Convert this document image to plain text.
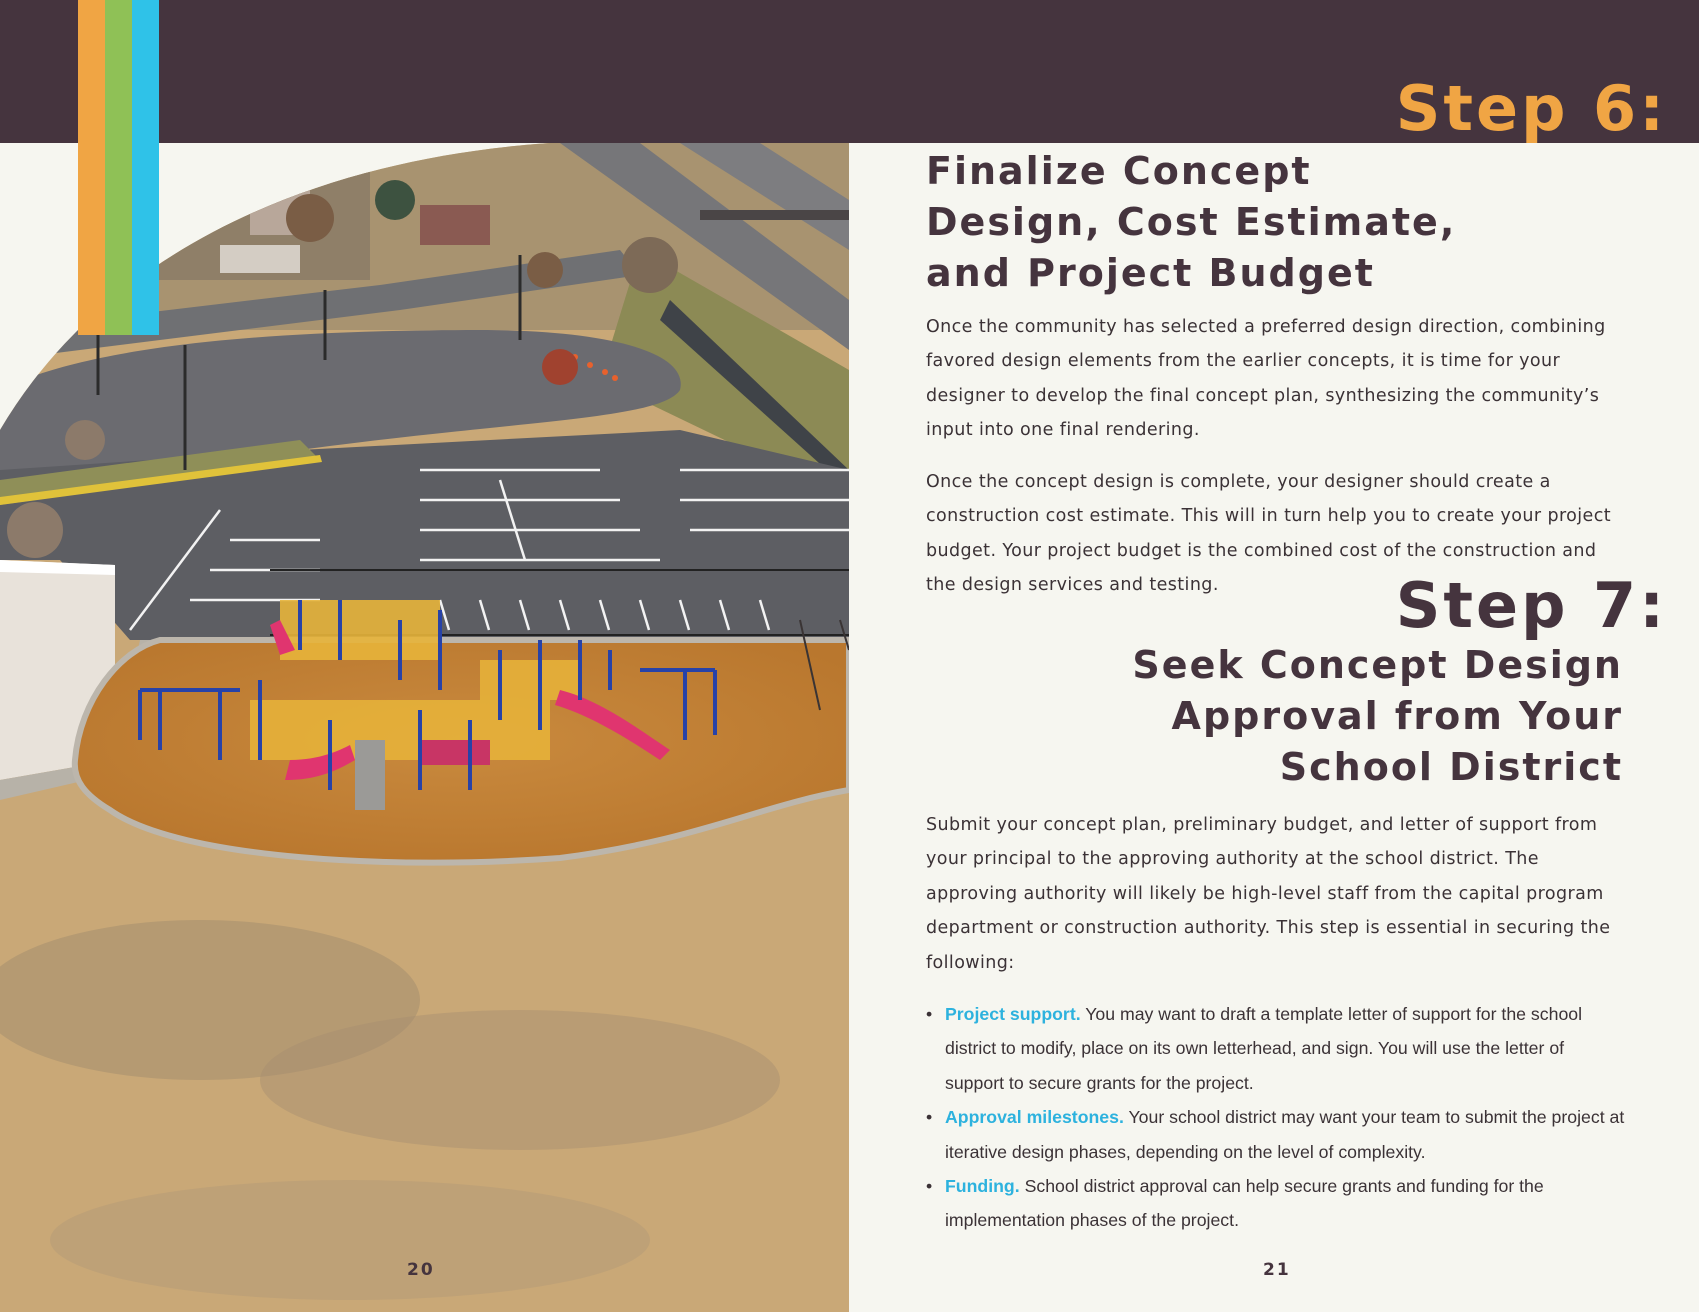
20	21
Step 6:
Finalize Concept
Design, Cost Estimate,
and Project Budget

Once the community has selected a preferred design direction, combining favored design elements from the earlier concepts, it is time for your designer to develop the final concept plan, synthesizing the community’s input into one final rendering.

Once the concept design is complete, your designer should create a construction cost estimate. This will in turn help you to create your project budget. Your project budget is the combined cost of the construction and the design services and testing.	Step 7:
Seek Concept Design
Approval from Your
School District

Submit your concept plan, preliminary budget, and letter of support from your principal to the approving authority at the school district. The approving authority will likely be high-level staff from the capital program department or construction authority. This step is essential in securing the following:

• Project support. You may want to draft a template letter of support for the school district to modify, place on its own letterhead, and sign. You will use the letter of support to secure grants for the project.
• Approval milestones. Your school district may want your team to submit the project at iterative design phases, depending on the level of complexity.
• Funding. School district approval can help secure grants and funding for the implementation phases of the project.
